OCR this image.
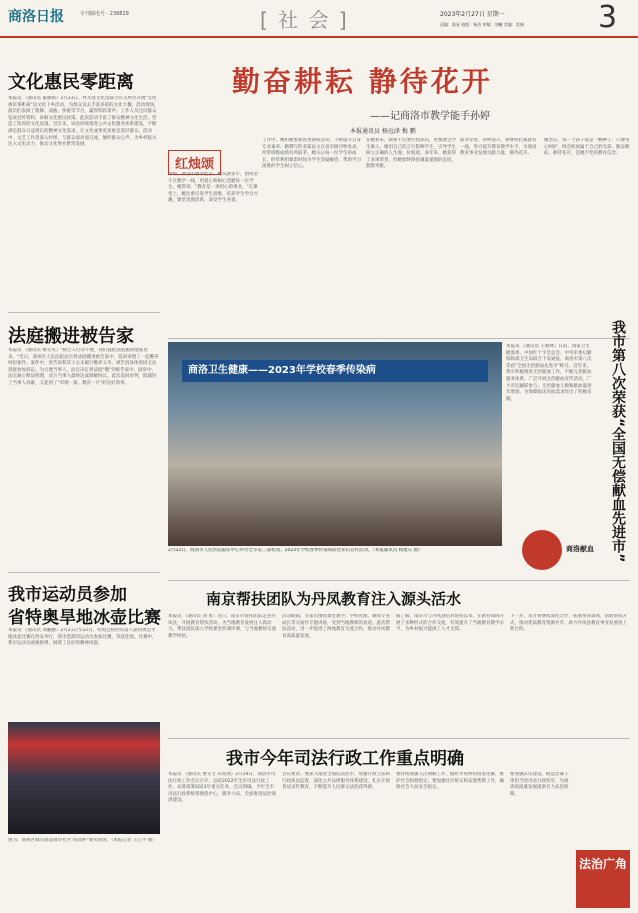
商洛日报	专刊邮电号 · 238829	[ 社 会 ]	2023年2月27日 星期一
责编：陈星 校版：杨杰 审稿：刘曦 美编：雷刚 3
文化惠民零距离
本报讯 （通讯员 董丽娟）2月23日，柞水县文化馆联合有关单位开展"文化惠民零距离"送文化下乡活动，为群众送去丰富多彩的文化大餐。活动现场，演员们表演了歌舞、戏曲、快板等节目，赢得阵阵掌声。工作人员还向群众发放宣传资料，讲解文化惠民政策。此次活动丰富了群众精神文化生活，营造了浓厚的文化氛围。近年来，该县持续推进公共文化服务体系建设，不断满足群众日益增长的精神文化需求，让文化成果更多惠及基层群众。活动中，文艺工作者深入村组，与群众面对面交流，倾听群众心声，为乡村振兴注入文化动力，推动文化事业繁荣发展。
法庭搬进被告家
本报讯 （通讯员 柳文英）"被告人行动不便，我们就把法庭搬到他家里来。"近日，商州区人民法院法官将法庭搬进被告家中，巡回审理了一起赡养纠纷案件。案件中，原告诉称其子女未履行赡养义务，被告因身体原因无法到庭参加诉讼。为方便当事人，法官决定将法庭"搬"到被告家中。庭审中，法官耐心释法明理，双方当事人最终达成调解协议。此次巡回审判，既减轻了当事人诉累，又起到了"审理一案、教育一片"的良好效果。
我市运动员参加
省特奥旱地冰壶比赛
本报讯 （通讯员 刘鹏鹏）2月21日至22日，特奥会陕西省第八届特奥会旱地冰壶比赛在西安举行，我市选派的运动员参加比赛，荣获佳绩。比赛中，我市运动员顽强拼搏，展现了良好的精神风貌。
图为，商州区城关街道锦华社区"商高杯"颁奖现场。（本报记者 王江平 摄）
勤奋耕耘 静待花开
——记商洛市教学能手孙婷
本报通讯员 杨远津 梅 鹏
红烛颂
孙婷，商洛市教学能手。她从教多年，始终坚守在教学一线，用爱心和耐心浇灌每一位学生。她常说："教育是一项用心的事业。"在课堂上，她注重启发学生思维，培养学生学习兴趣，课堂氛围活跃，深受学生喜爱。
工作中，她积极参加各类教研活动，不断提升自身专业素养。她撰写的多篇论文在省市级刊物发表，所带班级成绩名列前茅。她关心每一位学生的成长，经常利用课余时间为学生答疑解惑，帮助学习困难的学生树立信心。
在她看来，教师不仅要传授知识，更要教会学生做人。她用自己的言行影响学生，引导学生树立正确的人生观、价值观。多年来，她获得了多项荣誉，但她始终保持谦虚谨慎的态度，默默奉献。
面对荣誉，孙婷表示，将继续扎根教育一线，努力提升教育教学水平，为商洛教育事业发展贡献力量，静待花开。
她坚信，每一个孩子都是一颗种子，只要用心呵护，终会绽放属于自己的光彩。勤奋耕耘，静待花开，是她不变的教育信念。
商洛卫生健康——2023年学校春季传染病
2月22日，商洛市人民医院临床中心举办全市第三届校园、2023年学校春季传染病防控知识宣传活动。（本报通讯员 杨建东 摄）
本报讯 （通讯员 王朝林）日前，国家卫生健康委、中国红十字会总会、中央军委后勤保障部卫生局联合下发通报，商洛市第八次荣获"全国无偿献血先进市"称号。近年来，我市积极推进无偿献血工作，不断完善献血服务体系，广泛开展无偿献血宣传活动，广大市民踊跃参与，无偿献血人数和献血量逐年增加，为保障临床用血需求作出了积极贡献。	我市第八次荣获“全国无偿献血先进市”
商洛献血
南京帮扶团队为丹凤教育注入源头活水
本报讯 （通讯员 刘 勇）近日，南京市帮扶团队走进丹凤县，开展教育帮扶活动，为当地教育发展注入新动力。帮扶团队深入学校课堂听课评课，与当地教师交流教学经验。
活动期间，专家们围绕课堂教学、学校管理、教师专业成长等方面作专题讲座，受到当地教师的欢迎。此次帮扶活动，进一步促进了两地教育交流合作，推动丹凤教育高质量发展。
据了解，南京市与丹凤县结对帮扶以来，在教育领域开展了多种形式的合作交流，有效提升了当地教育教学水平，为乡村振兴提供了人才支撑。
下一步，双方将继续深化合作，拓展帮扶领域，创新帮扶方式，推动优质教育资源共享，助力丹凤县教育事业发展再上新台阶。
我市今年司法行政工作重点明确
本报讯 （通讯员 曹文文 田高翔）2月24日，商洛市司法行政工作会议召开，总结2022年全市司法行政工作，安排部署2023年重点任务。会议明确，今年全市司法行政系统将围绕中心、服务大局，全面推进法治商洛建设。
会议要求，要深入推进全面依法治市，加强行政立法和行政执法监督，深化公共法律服务体系建设，扎实开展普法宣传教育，不断提升人民群众法治获得感。
要持续加强人民调解工作，做好矛盾纠纷排查化解，维护社会和谐稳定；要加强社区矫正和安置帮教工作，确保社会大局安全稳定。
要加强队伍建设，锻造忠诚干净担当的司法行政铁军，为商洛高质量发展提供有力法治保障。
法治广角
